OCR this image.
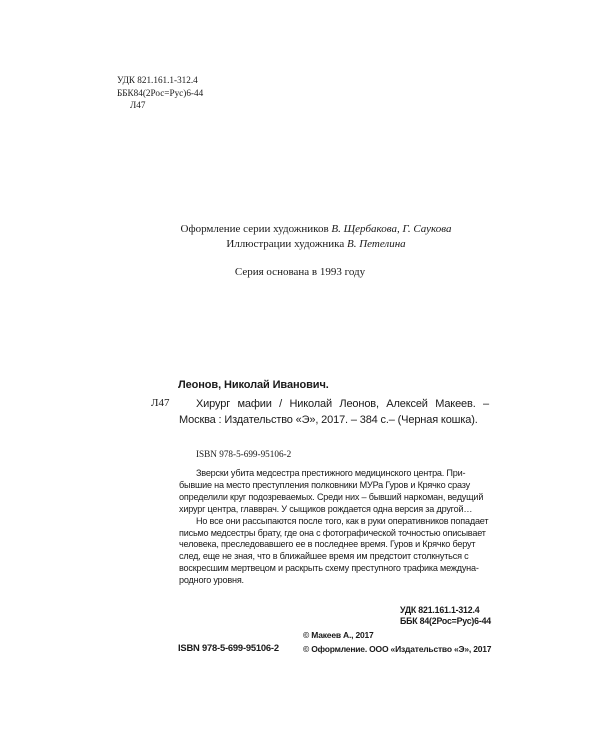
УДК 821.161.1-312.4
ББК84(2Рос=Рус)6-44
Л47
Оформление серии художников В. Щербакова, Г. Саукова
Иллюстрации художника В. Петелина
Серия основана в 1993 году
Леонов, Николай Иванович.
Л47	Хирург мафии / Николай Леонов, Алексей Макеев. – Москва : Издательство «Э», 2017. – 384 с.– (Черная кошка).
ISBN 978-5-699-95106-2
Зверски убита медсестра престижного медицинского центра. При-
бывшие на место преступления полковники МУРа Гуров и Крячко сразу
определили круг подозреваемых. Среди них – бывший наркоман, ведущий
хирург центра, главврач. У сыщиков рождается одна версия за другой…
Но все они рассыпаются после того, как в руки оперативников попадает
письмо медсестры брату, где она с фотографической точностью описывает
человека, преследовавшего ее в последнее время. Гуров и Крячко берут
след, еще не зная, что в ближайшее время им предстоит столкнуться с
воскресшим мертвецом и раскрыть схему преступного трафика междуна-
родного уровня.
УДК 821.161.1-312.4
ББК 84(2Рос=Рус)6-44
ISBN 978-5-699-95106-2
© Макеев А., 2017
© Оформление. ООО «Издательство «Э», 2017
